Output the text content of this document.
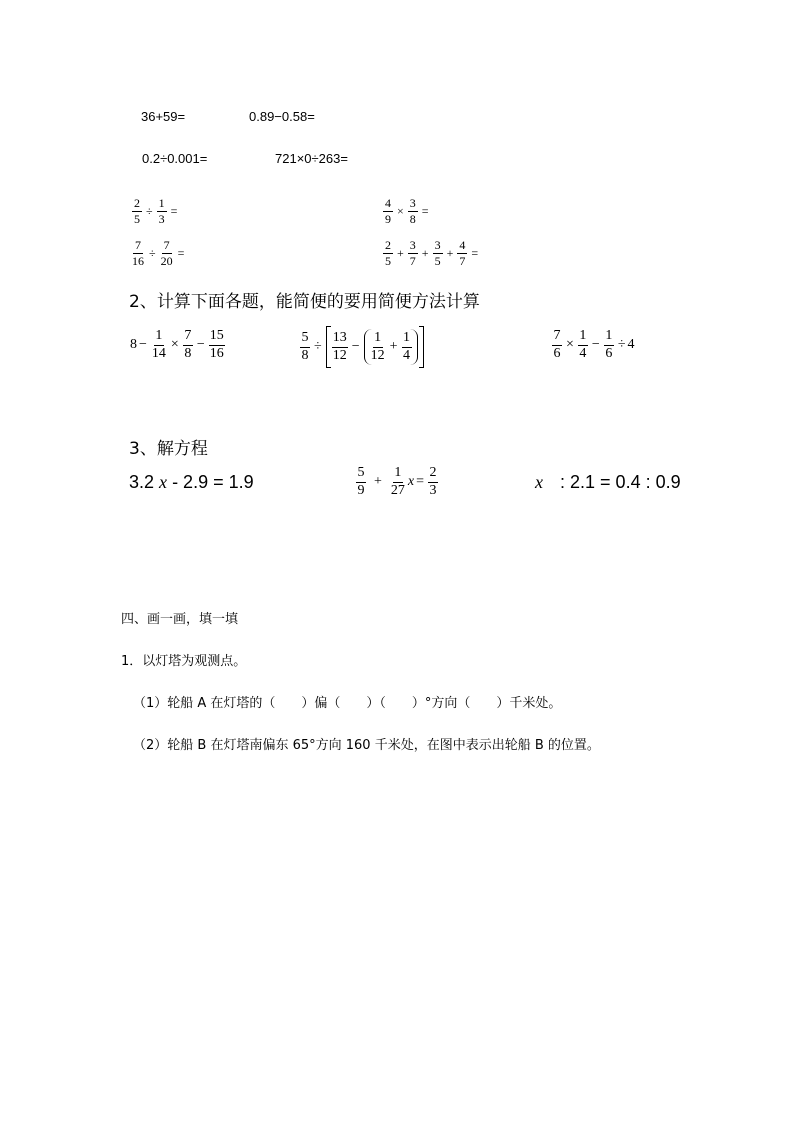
36+59=	0.89−0.58=
0.2÷0.001=	721×0÷263=
$\frac{2}{5} \div \frac{1}{3}$ =	$\frac{4}{9} \times \frac{3}{8}$ =
$\frac{7}{16} \div \frac{7}{20}$ =	$\frac{2}{5} + \frac{3}{7} + \frac{3}{5} + \frac{4}{7}$ =
2、计算下面各题，能简便的要用简便方法计算
$8 - \frac{1}{14} \times \frac{7}{8} - \frac{15}{16}$	$\frac{5}{8} \div \frac{13}{12} - \frac{1}{12} + \frac{1}{4}$	$\frac{7}{6} \times \frac{1}{4} - \frac{1}{6} \div 4$
3、解方程
3.2 x - 2.9 = 1.9	$\frac{5}{9} + \frac{1}{27}$ $x = \frac{2}{3}$	x : 2.1 = 0.4 : 0.9
四、画一画，填一填
1．以灯塔为观测点。
（1）轮船 A 在灯塔的（　　）偏（　　）（　　）°方向（　　）千米处。
（2）轮船 B 在灯塔南偏东 65°方向 160 千米处，在图中表示出轮船 B 的位置。
